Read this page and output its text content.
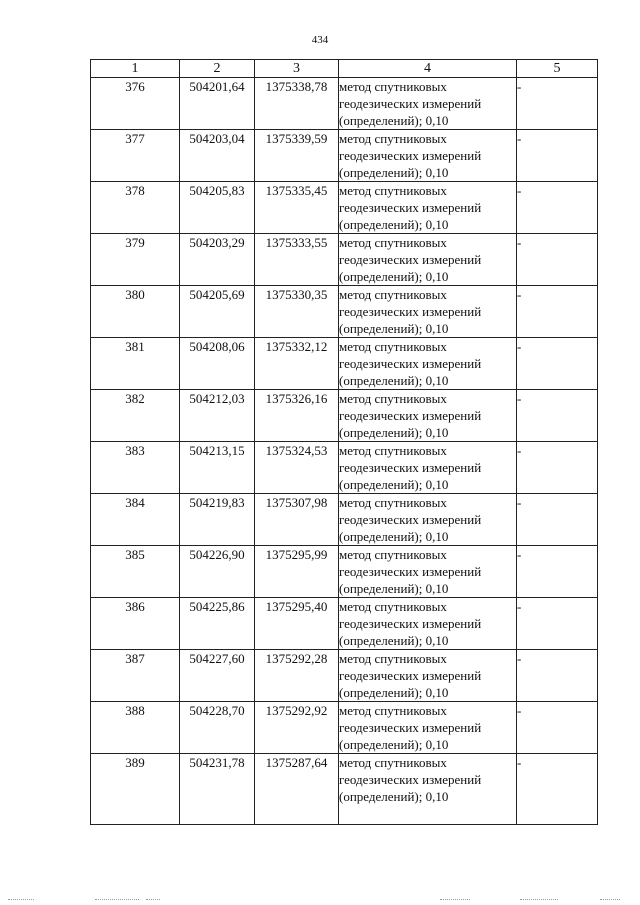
434
1	2	3	4	5
376	504201,64	1375338,78	метод спутниковых геодезических измерений (определений); 0,10	-
377	504203,04	1375339,59	метод спутниковых геодезических измерений (определений); 0,10	-
378	504205,83	1375335,45	метод спутниковых геодезических измерений (определений); 0,10	-
379	504203,29	1375333,55	метод спутниковых геодезических измерений (определений); 0,10	-
380	504205,69	1375330,35	метод спутниковых геодезических измерений (определений); 0,10	-
381	504208,06	1375332,12	метод спутниковых геодезических измерений (определений); 0,10	-
382	504212,03	1375326,16	метод спутниковых геодезических измерений (определений); 0,10	-
383	504213,15	1375324,53	метод спутниковых геодезических измерений (определений); 0,10	-
384	504219,83	1375307,98	метод спутниковых геодезических измерений (определений); 0,10	-
385	504226,90	1375295,99	метод спутниковых геодезических измерений (определений); 0,10	-
386	504225,86	1375295,40	метод спутниковых геодезических измерений (определений); 0,10	-
387	504227,60	1375292,28	метод спутниковых геодезических измерений (определений); 0,10	-
388	504228,70	1375292,92	метод спутниковых геодезических измерений (определений); 0,10	-
389	504231,78	1375287,64	метод спутниковых геодезических измерений (определений); 0,10	-
